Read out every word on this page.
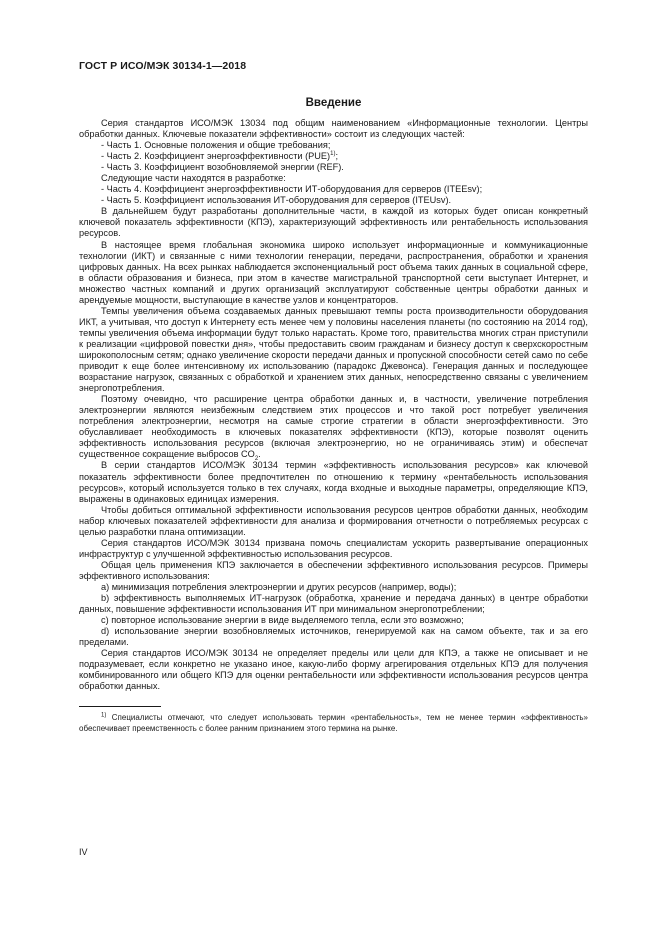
ГОСТ Р ИСО/МЭК 30134-1—2018
Введение

Серия стандартов ИСО/МЭК 13034 под общим наименованием «Информационные технологии. Центры обработки данных. Ключевые показатели эффективности» состоит из следующих частей:

- Часть 1. Основные положения и общие требования;
- Часть 2. Коэффициент энергоэффективности (PUE)$^{1)}$;
- Часть 3. Коэффициент возобновляемой энергии (REF).

Следующие части находятся в разработке:

- Часть 4. Коэффициент энергоэффективности ИТ-оборудования для серверов (ITEEsv);
- Часть 5. Коэффициент использования ИТ-оборудования для серверов (ITEUsv).

В дальнейшем будут разработаны дополнительные части, в каждой из которых будет описан конкретный ключевой показатель эффективности (КПЭ), характеризующий эффективность или рентабельность использования ресурсов.

В настоящее время глобальная экономика широко использует информационные и коммуникационные технологии (ИКТ) и связанные с ними технологии генерации, передачи, распространения, обработки и хранения цифровых данных. На всех рынках наблюдается экспоненциальный рост объема таких данных в социальной сфере, в области образования и бизнеса, при этом в качестве магистральной транспортной сети выступает Интернет, и множество частных компаний и других организаций эксплуатируют собственные центры обработки данных и арендуемые мощности, выступающие в качестве узлов и концентраторов.

Темпы увеличения объема создаваемых данных превышают темпы роста производительности оборудования ИКТ, а учитывая, что доступ к Интернету есть менее чем у половины населения планеты (по состоянию на 2014 год), темпы увеличения объема информации будут только нарастать. Кроме того, правительства многих стран приступили к реализации «цифровой повестки дня», чтобы предоставить своим гражданам и бизнесу доступ к сверхскоростным широкополосным сетям; однако увеличение скорости передачи данных и пропускной способности сетей само по себе приводит к еще более интенсивному их использованию (парадокс Джевонса). Генерация данных и последующее возрастание нагрузок, связанных с обработкой и хранением этих данных, непосредственно связаны с увеличением энергопотребления.

Поэтому очевидно, что расширение центра обработки данных и, в частности, увеличение потребления электроэнергии являются неизбежным следствием этих процессов и что такой рост потребует увеличения потребления электроэнергии, несмотря на самые строгие стратегии в области энергоэффективности. Это обуславливает необходимость в ключевых показателях эффективности (КПЭ), которые позволят оценить эффективность использования ресурсов (включая электроэнергию, но не ограничиваясь этим) и обеспечат существенное сокращение выбросов $CO_2$.

В серии стандартов ИСО/МЭК 30134 термин «эффективность использования ресурсов» как ключевой показатель эффективности более предпочтителен по отношению к термину «рентабельность использования ресурсов», который используется только в тех случаях, когда входные и выходные параметры, определяющие КПЭ, выражены в одинаковых единицах измерения.

Чтобы добиться оптимальной эффективности использования ресурсов центров обработки данных, необходим набор ключевых показателей эффективности для анализа и формирования отчетности о потребляемых ресурсах с целью разработки плана оптимизации.

Серия стандартов ИСО/МЭК 30134 призвана помочь специалистам ускорить развертывание операционных инфраструктур с улучшенной эффективностью использования ресурсов.

Общая цель применения КПЭ заключается в обеспечении эффективного использования ресурсов. Примеры эффективного использования:

a) минимизация потребления электроэнергии и других ресурсов (например, воды);

b) эффективность выполняемых ИТ-нагрузок (обработка, хранение и передача данных) в центре обработки данных, повышение эффективности использования ИТ при минимальном энергопотреблении;

c) повторное использование энергии в виде выделяемого тепла, если это возможно;

d) использование энергии возобновляемых источников, генерируемой как на самом объекте, так и за его пределами.

Серия стандартов ИСО/МЭК 30134 не определяет пределы или цели для КПЭ, а также не описывает и не подразумевает, если конкретно не указано иное, какую-либо форму агрегирования отдельных КПЭ для получения комбинированного или общего КПЭ для оценки рентабельности или эффективности использования ресурсов центра обработки данных.

$^{1)}$ Специалисты отмечают, что следует использовать термин «рентабельность», тем не менее термин «эффективность» обеспечивает преемственность с более ранним признанием этого термина на рынке.

IV
